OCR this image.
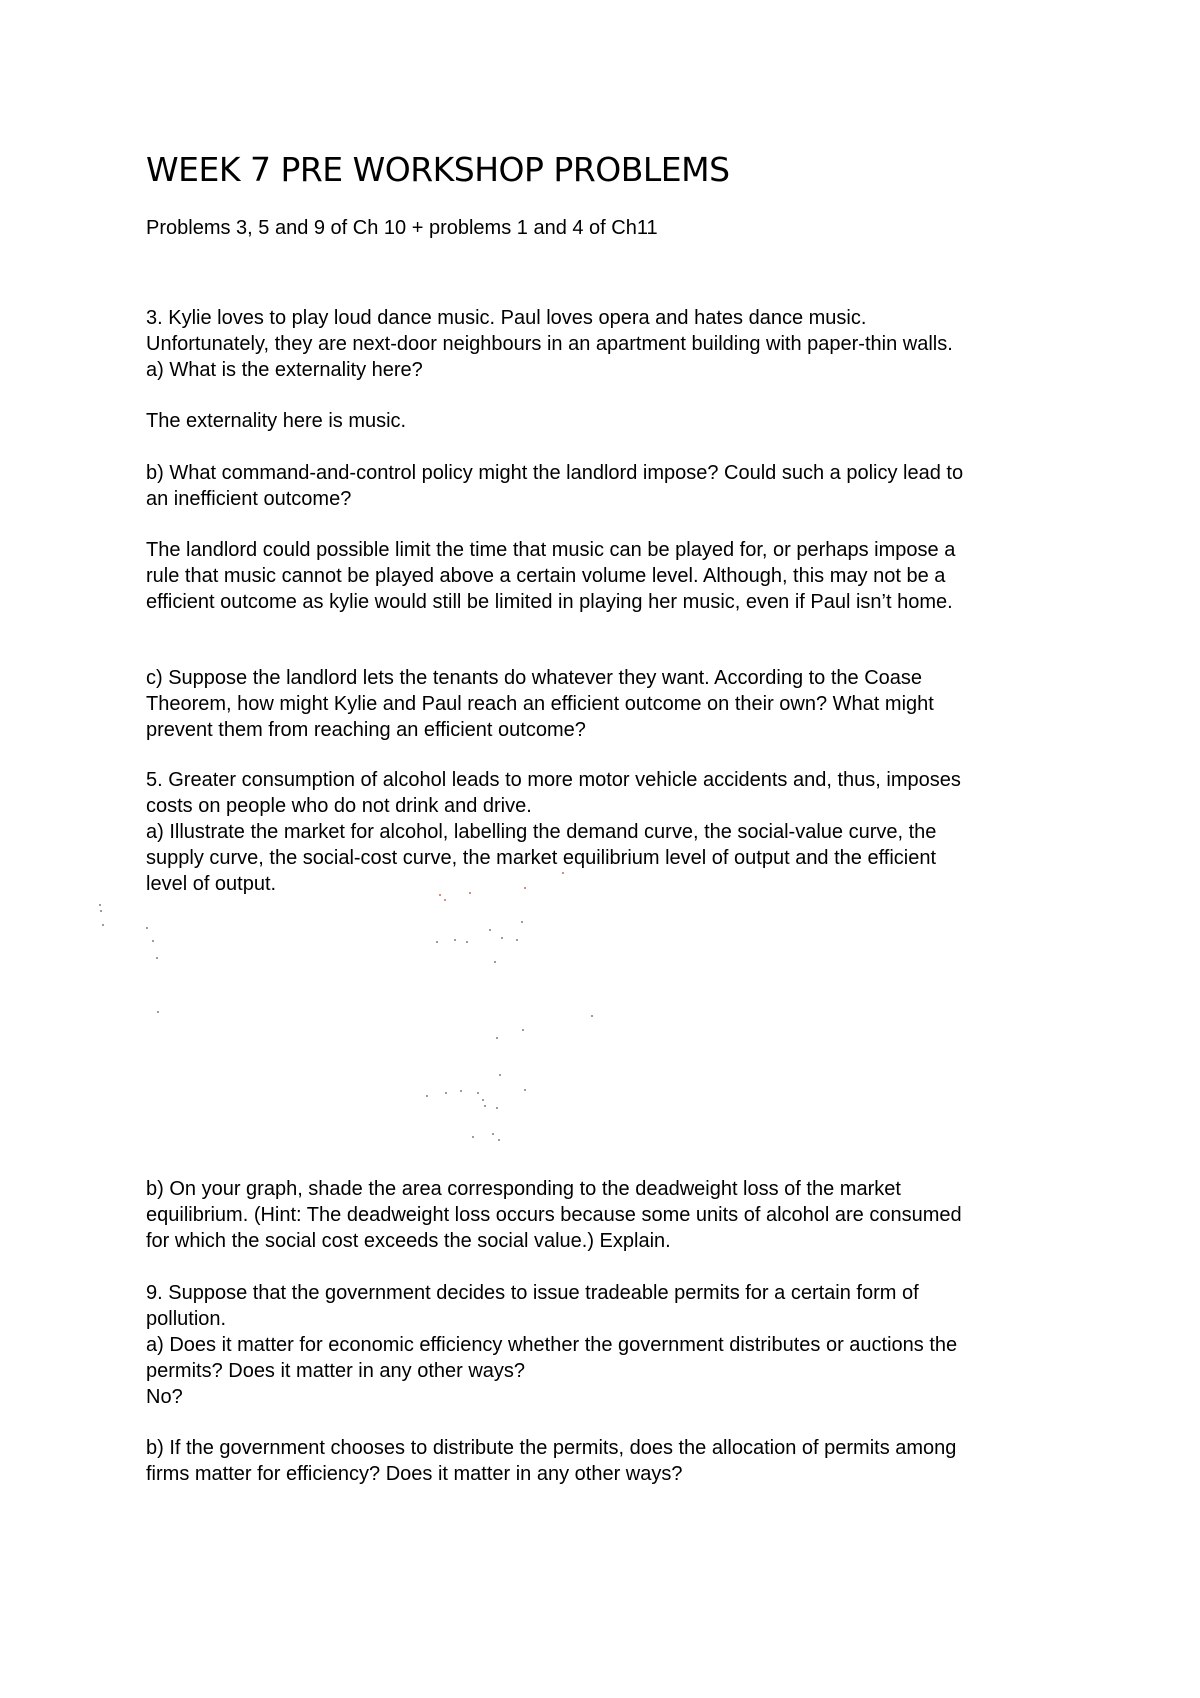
WEEK 7 PRE WORKSHOP PROBLEMS

Problems 3, 5 and 9 of Ch 10 + problems 1 and 4 of Ch11

3. Kylie loves to play loud dance music. Paul loves opera and hates dance music.
Unfortunately, they are next-door neighbours in an apartment building with paper-thin walls.
a) What is the externality here?

The externality here is music.

b) What command-and-control policy might the landlord impose? Could such a policy lead to
an inefficient outcome?

The landlord could possible limit the time that music can be played for, or perhaps impose a
rule that music cannot be played above a certain volume level. Although, this may not be a
efficient outcome as kylie would still be limited in playing her music, even if Paul isn’t home.

c) Suppose the landlord lets the tenants do whatever they want. According to the Coase
Theorem, how might Kylie and Paul reach an efficient outcome on their own? What might
prevent them from reaching an efficient outcome?

5. Greater consumption of alcohol leads to more motor vehicle accidents and, thus, imposes
costs on people who do not drink and drive.
a) Illustrate the market for alcohol, labelling the demand curve, the social-value curve, the
supply curve, the social-cost curve, the market equilibrium level of output and the efficient
level of output.

b) On your graph, shade the area corresponding to the deadweight loss of the market
equilibrium. (Hint: The deadweight loss occurs because some units of alcohol are consumed
for which the social cost exceeds the social value.) Explain.

9. Suppose that the government decides to issue tradeable permits for a certain form of
pollution.
a) Does it matter for economic efficiency whether the government distributes or auctions the
permits? Does it matter in any other ways?
No?

b) If the government chooses to distribute the permits, does the allocation of permits among
firms matter for efficiency? Does it matter in any other ways?
